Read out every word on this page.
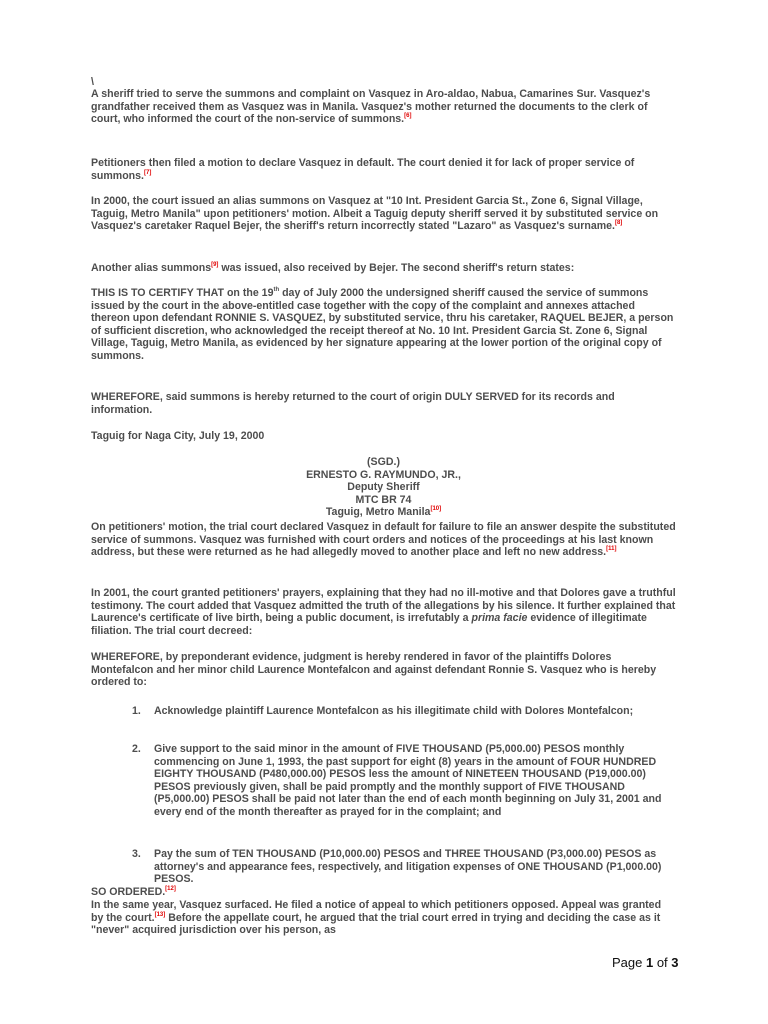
\

A sheriff tried to serve the summons and complaint on Vasquez in Aro-aldao, Nabua, Camarines Sur. Vasquez's grandfather received them as Vasquez was in Manila. Vasquez's mother returned the documents to the clerk of court, who informed the court of the non-service of summons.[6]

Petitioners then filed a motion to declare Vasquez in default. The court denied it for lack of proper service of summons.[7]

In 2000, the court issued an alias summons on Vasquez at "10 Int. President Garcia St., Zone 6, Signal Village, Taguig, Metro Manila" upon petitioners' motion. Albeit a Taguig deputy sheriff served it by substituted service on Vasquez's caretaker Raquel Bejer, the sheriff's return incorrectly stated "Lazaro" as Vasquez's surname.[8]

Another alias summons[9] was issued, also received by Bejer. The second sheriff's return states:

THIS IS TO CERTIFY THAT on the 19th day of July 2000 the undersigned sheriff caused the service of summons issued by the court in the above-entitled case together with the copy of the complaint and annexes attached thereon upon defendant RONNIE S. VASQUEZ, by substituted service, thru his caretaker, RAQUEL BEJER, a person of sufficient discretion, who acknowledged the receipt thereof at No. 10 Int. President Garcia St. Zone 6, Signal Village, Taguig, Metro Manila, as evidenced by her signature appearing at the lower portion of the original copy of summons.

WHEREFORE, said summons is hereby returned to the court of origin DULY SERVED for its records and information.

Taguig for Naga City, July 19, 2000

(SGD.)
ERNESTO G. RAYMUNDO, JR.,
Deputy Sheriff
MTC BR 74
Taguig, Metro Manila[10]

On petitioners' motion, the trial court declared Vasquez in default for failure to file an answer despite the substituted service of summons. Vasquez was furnished with court orders and notices of the proceedings at his last known address, but these were returned as he had allegedly moved to another place and left no new address.[11]

In 2001, the court granted petitioners' prayers, explaining that they had no ill-motive and that Dolores gave a truthful testimony. The court added that Vasquez admitted the truth of the allegations by his silence. It further explained that Laurence's certificate of live birth, being a public document, is irrefutably a prima facie evidence of illegitimate filiation. The trial court decreed:

WHEREFORE, by preponderant evidence, judgment is hereby rendered in favor of the plaintiffs Dolores Montefalcon and her minor child Laurence Montefalcon and against defendant Ronnie S. Vasquez who is hereby ordered to:

1. Acknowledge plaintiff Laurence Montefalcon as his illegitimate child with Dolores Montefalcon;
2. Give support to the said minor in the amount of FIVE THOUSAND (P5,000.00) PESOS monthly commencing on June 1, 1993, the past support for eight (8) years in the amount of FOUR HUNDRED EIGHTY THOUSAND (P480,000.00) PESOS less the amount of NINETEEN THOUSAND (P19,000.00) PESOS previously given, shall be paid promptly and the monthly support of FIVE THOUSAND (P5,000.00) PESOS shall be paid not later than the end of each month beginning on July 31, 2001 and every end of the month thereafter as prayed for in the complaint; and
3. Pay the sum of TEN THOUSAND (P10,000.00) PESOS and THREE THOUSAND (P3,000.00) PESOS as attorney's and appearance fees, respectively, and litigation expenses of ONE THOUSAND (P1,000.00) PESOS.

SO ORDERED.[12]

In the same year, Vasquez surfaced. He filed a notice of appeal to which petitioners opposed. Appeal was granted by the court.[13] Before the appellate court, he argued that the trial court erred in trying and deciding the case as it "never" acquired jurisdiction over his person, as

Page 1 of 3
